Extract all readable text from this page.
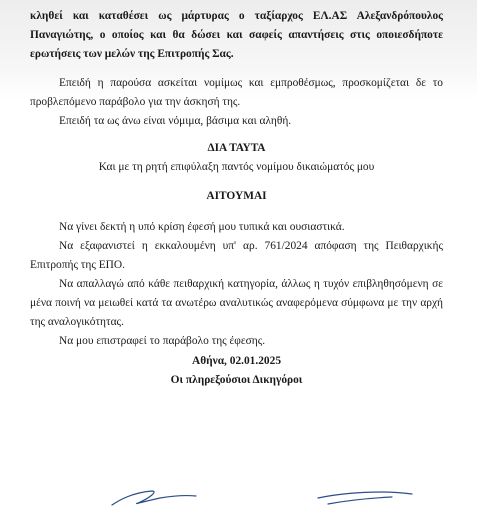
κληθεί και καταθέσει ως μάρτυρας ο ταξίαρχος ΕΛ.ΑΣ Αλεξανδρόπουλος Παναγιώτης, ο οποίος και θα δώσει και σαφείς απαντήσεις στις οποιεσδήποτε ερωτήσεις των μελών της Επιτροπής Σας.

Επειδή η παρούσα ασκείται νομίμως και εμπροθέσμως, προσκομίζεται δε το προβλεπόμενο παράβολο για την άσκησή της.

Επειδή τα ως άνω είναι νόμιμα, βάσιμα και αληθή.

ΔΙΑ ΤΑΥΤΑ

Και με τη ρητή επιφύλαξη παντός νομίμου δικαιώματός μου

ΑΙΤΟΥΜΑΙ

Να γίνει δεκτή η υπό κρίση έφεσή μου τυπικά και ουσιαστικά.

Να εξαφανιστεί η εκκαλουμένη υπ' αρ. 761/2024 απόφαση της Πειθαρχικής Επιτροπής της ΕΠΟ.

Να απαλλαγώ από κάθε πειθαρχική κατηγορία, άλλως η τυχόν επιβληθησόμενη σε μένα ποινή να μειωθεί κατά τα ανωτέρω αναλυτικώς αναφερόμενα σύμφωνα με την αρχή της αναλογικότητας.

Να μου επιστραφεί το παράβολο της έφεσης.

Αθήνα, 02.01.2025

Οι πληρεξούσιοι Δικηγόροι
